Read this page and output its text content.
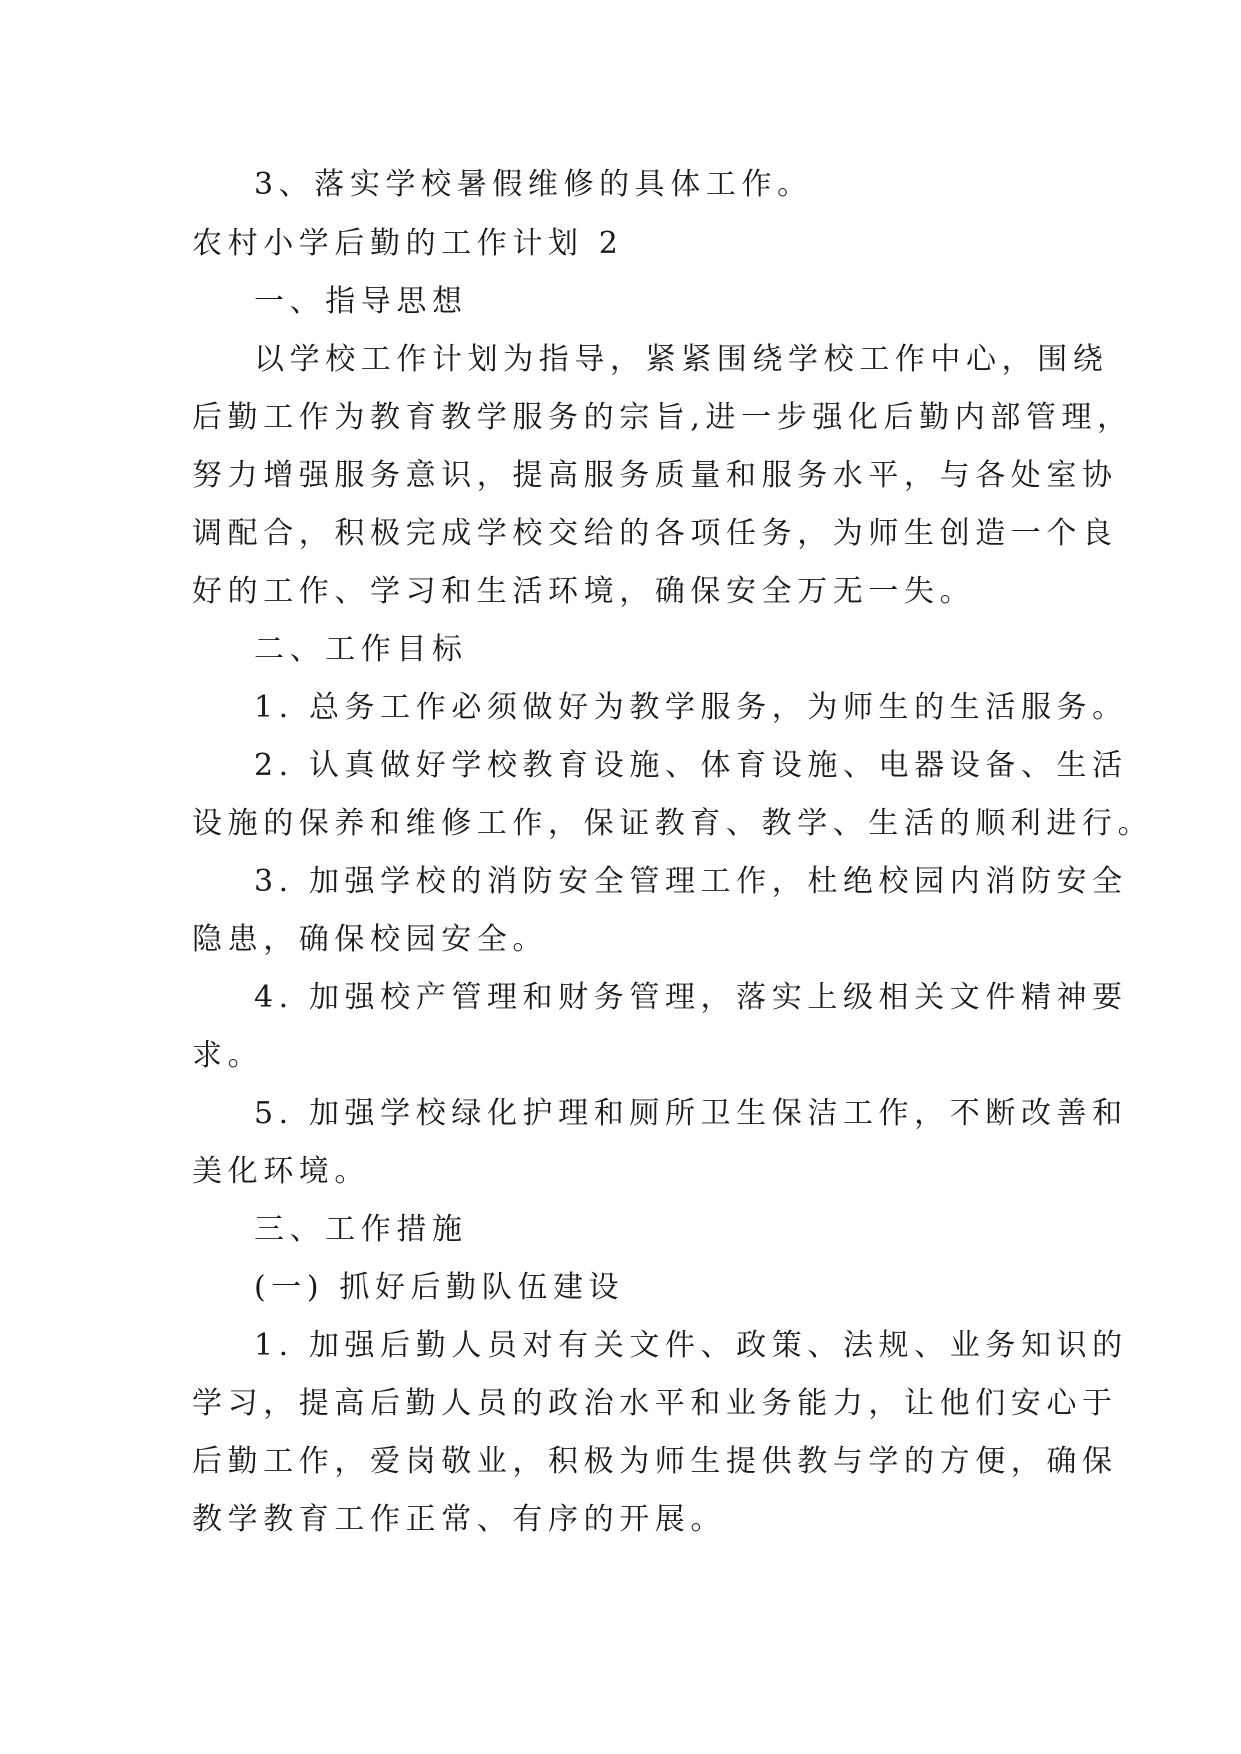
3、落实学校暑假维修的具体工作。
农村小学后勤的工作计划 2
一、指导思想
以学校工作计划为指导，紧紧围绕学校工作中心，围绕
后勤工作为教育教学服务的宗旨,进一步强化后勤内部管理，
努力增强服务意识，提高服务质量和服务水平，与各处室协
调配合，积极完成学校交给的各项任务，为师生创造一个良
好的工作、学习和生活环境，确保安全万无一失。
二、工作目标
1. 总务工作必须做好为教学服务，为师生的生活服务。
2. 认真做好学校教育设施、体育设施、电器设备、生活
设施的保养和维修工作，保证教育、教学、生活的顺利进行。
3. 加强学校的消防安全管理工作，杜绝校园内消防安全
隐患，确保校园安全。
4. 加强校产管理和财务管理，落实上级相关文件精神要
求。
5. 加强学校绿化护理和厕所卫生保洁工作，不断改善和
美化环境。
三、工作措施
(一) 抓好后勤队伍建设
1. 加强后勤人员对有关文件、政策、法规、业务知识的
学习，提高后勤人员的政治水平和业务能力，让他们安心于
后勤工作，爱岗敬业，积极为师生提供教与学的方便，确保
教学教育工作正常、有序的开展。
